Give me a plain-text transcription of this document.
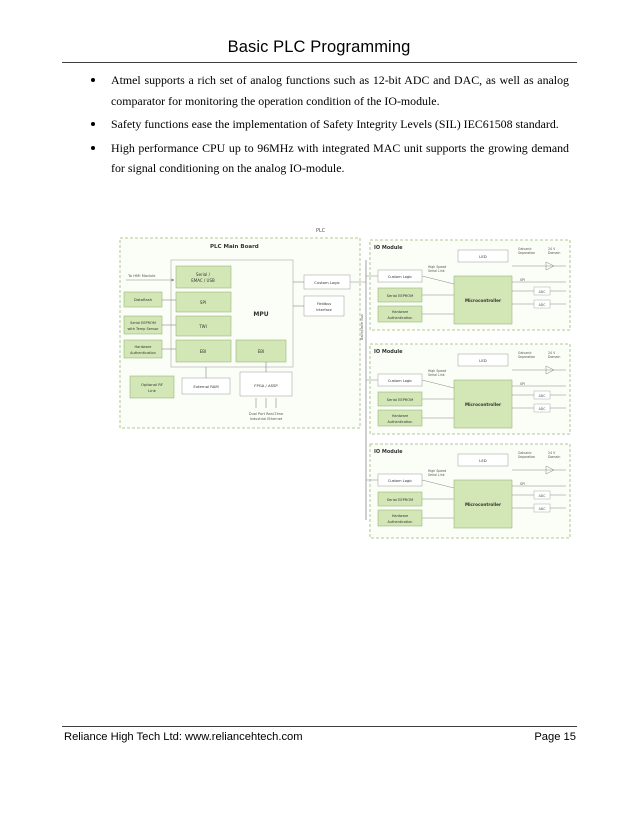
Basic PLC Programming
Atmel supports a rich set of analog functions such as 12-bit ADC and DAC, as well as analog comparator for monitoring the operation condition of the IO-module.
Safety functions ease the implementation of Safety Integrity Levels (SIL) IEC61508 standard.
High performance CPU up to 96MHz with integrated MAC unit supports the growing demand for signal conditioning on the analog IO-module.
PLC
PLC Main Board
To HMI Module	Serial /
EMAC / USB
SPI
TWI
EBI	EBI
MPU
Dataflash
Serial EEPROM
with Temp Sensor
Hardware
Authentication
Optional RF
Link
External RAM	FPGA / ASSP
Dual Port Real-Time
Industrial Ethernet
Custom Logic
Fieldbus
Interface
Backplane Bus
IO Module
LED
Custom Logic
High Speed
Serial Link
Serial EEPROM
Hardware
Authentication
Microcontroller
Galvanic
Separation
24 V
Domain
SPI
ADC
ADC
IO Module
LED
Custom Logic
High Speed
Serial Link
Serial EEPROM
Hardware
Authentication
Microcontroller
Galvanic
Separation
24 V
Domain
SPI
ADC
ADC
IO Module
LED
Custom Logic
High Speed
Serial Link
Serial EEPROM
Hardware
Authentication
Microcontroller
Galvanic
Separation
24 V
Domain
SPI
ADC
ADC
Reliance High Tech Ltd: www.reliancehtech.com	Page 15
